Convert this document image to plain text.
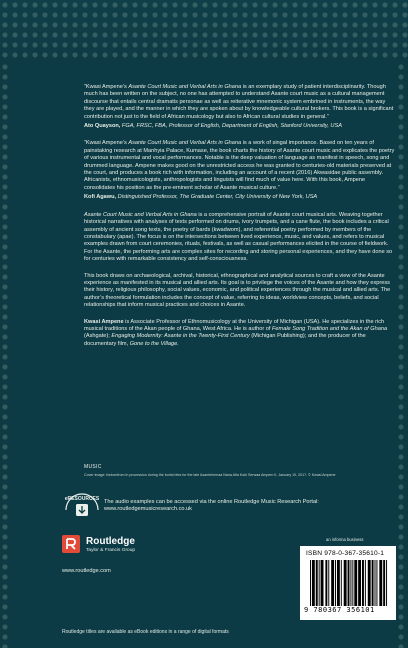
“Kwasi Ampene’s Asante Court Music and Verbal Arts in Ghana is an exemplary study of patient interdisciplinarity. Though much has been written on the subject, no one has attempted to understand Asante court music as a cultural management discourse that entails central dramatis personae as well as reiterative mnemonic system embrined in instruments, the way they are played, and the manner in which they are spoken about by knowledgeable cultural brokers. This book is a significant contribution not just to the field of African musicology but also to African cultural studies in general.”

Ato Quayson, FGA, FRSC, FBA, Professor of English, Department of English, Stanford University, USA

“Kwasi Ampene’s Asante Court Music and Verbal Arts in Ghana is a work of singal importance. Based on ten years of painstaking research at Manhyia Palace, Kumase, the book charts the history of Asante court music and explicates the poetry of various instrumental and vocal performances. Notable is the deep valuation of language as manifest in speech, song and drummed language. Ampene makes good on the unrestricted access he was granted to centuries-old materials preserved at the court, and produces a book rich with information, including an account of a recent (2016) Akwasidae public assembly. Africanists, ethnomusicologists, anthropologists and linguists will find much of value here. With this book, Ampene consolidates his position as the pre-eminent scholar of Asante musical culture.”

Kofi Agawu, Distinguished Professor, The Graduate Center, City University of New York, USA

Asante Court Music and Verbal Arts in Ghana is a comprehensive portrait of Asante court musical arts. Weaving together historical narratives with analyses of texts performed on drums, ivory trumpets, and a cane flute, the book includes a critical assembly of ancient song texts, the poetry of bards (kwadwom), and referential poetry performed by members of the constabulary (apae). The focus is on the intersections between lived experience, music, and values, and refers to musical examples drawn from court ceremonies, rituals, festivals, as well as casual performances elicited in the course of fieldwork. For the Asante, the performing arts are complex sites for recording and storing personal experiences, and they have done so for centuries with remarkable consistency and self-consciousness.

This book draws on archaeological, archival, historical, ethnographical and analytical sources to craft a view of the Asante experience as manifested in its musical and allied arts. Its goal is to privilege the voices of the Asante and how they express their history, religious philosophy, social values, economic, and political experiences through the musical and allied arts. The author’s theoretical formulation includes the concept of value, referring to ideas, worldview concepts, beliefs, and social relationships that inform musical practices and choices in Asante.

Kwasi Ampene is Associate Professor of Ethnomusicology at the University of Michigan (USA). He specializes in the rich musical traditions of the Akan people of Ghana, West Africa. He is author of Female Song Tradition and the Akan of Ghana (Ashgate); Engaging Modernity: Asante in the Twenty-First Century (Michigan Publishing); and the producer of the documentary film, Gone to the Village.

MUSIC
Cover image: fontomfrom in procession during the burial rites for the late Asantehemaa Nana Afia Kobi Serwaa Ampem II, January 10, 2017. © Kwasi Ampene
eRESOURCES The audio examples can be accessed via the online Routledge Music Research Portal:
www.routledgemusicresearch.co.uk
Routledge
Taylor & Francis Group
www.routledge.com
an informa business
Routledge titles are available as eBook editions in a range of digital formats
ISBN 978-0-367-35610-1
9 780367 356101
